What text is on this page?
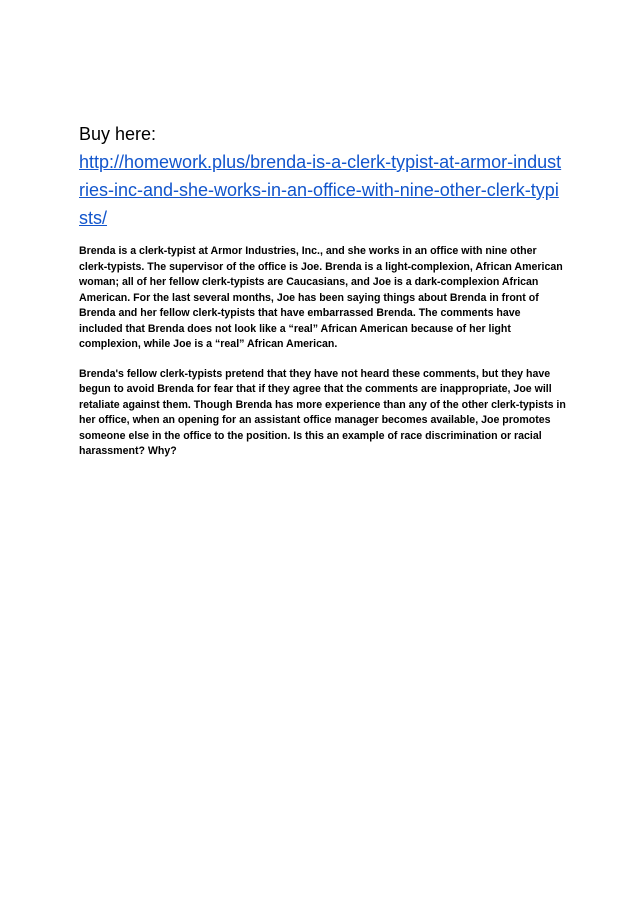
Buy here:

http://homework.plus/brenda-is-a-clerk-typist-at-armor-industries-inc-and-she-works-in-an-office-with-nine-other-clerk-typists/

Brenda is a clerk-typist at Armor Industries, Inc., and she works in an office with nine other clerk-typists. The supervisor of the office is Joe. Brenda is a light-complexion, African American woman; all of her fellow clerk-typists are Caucasians, and Joe is a dark-complexion African American. For the last several months, Joe has been saying things about Brenda in front of Brenda and her fellow clerk-typists that have embarrassed Brenda. The comments have included that Brenda does not look like a “real” African American because of her light complexion, while Joe is a “real” African American.

Brenda's fellow clerk-typists pretend that they have not heard these comments, but they have begun to avoid Brenda for fear that if they agree that the comments are inappropriate, Joe will retaliate against them. Though Brenda has more experience than any of the other clerk-typists in her office, when an opening for an assistant office manager becomes available, Joe promotes someone else in the office to the position. Is this an example of race discrimination or racial harassment? Why?
